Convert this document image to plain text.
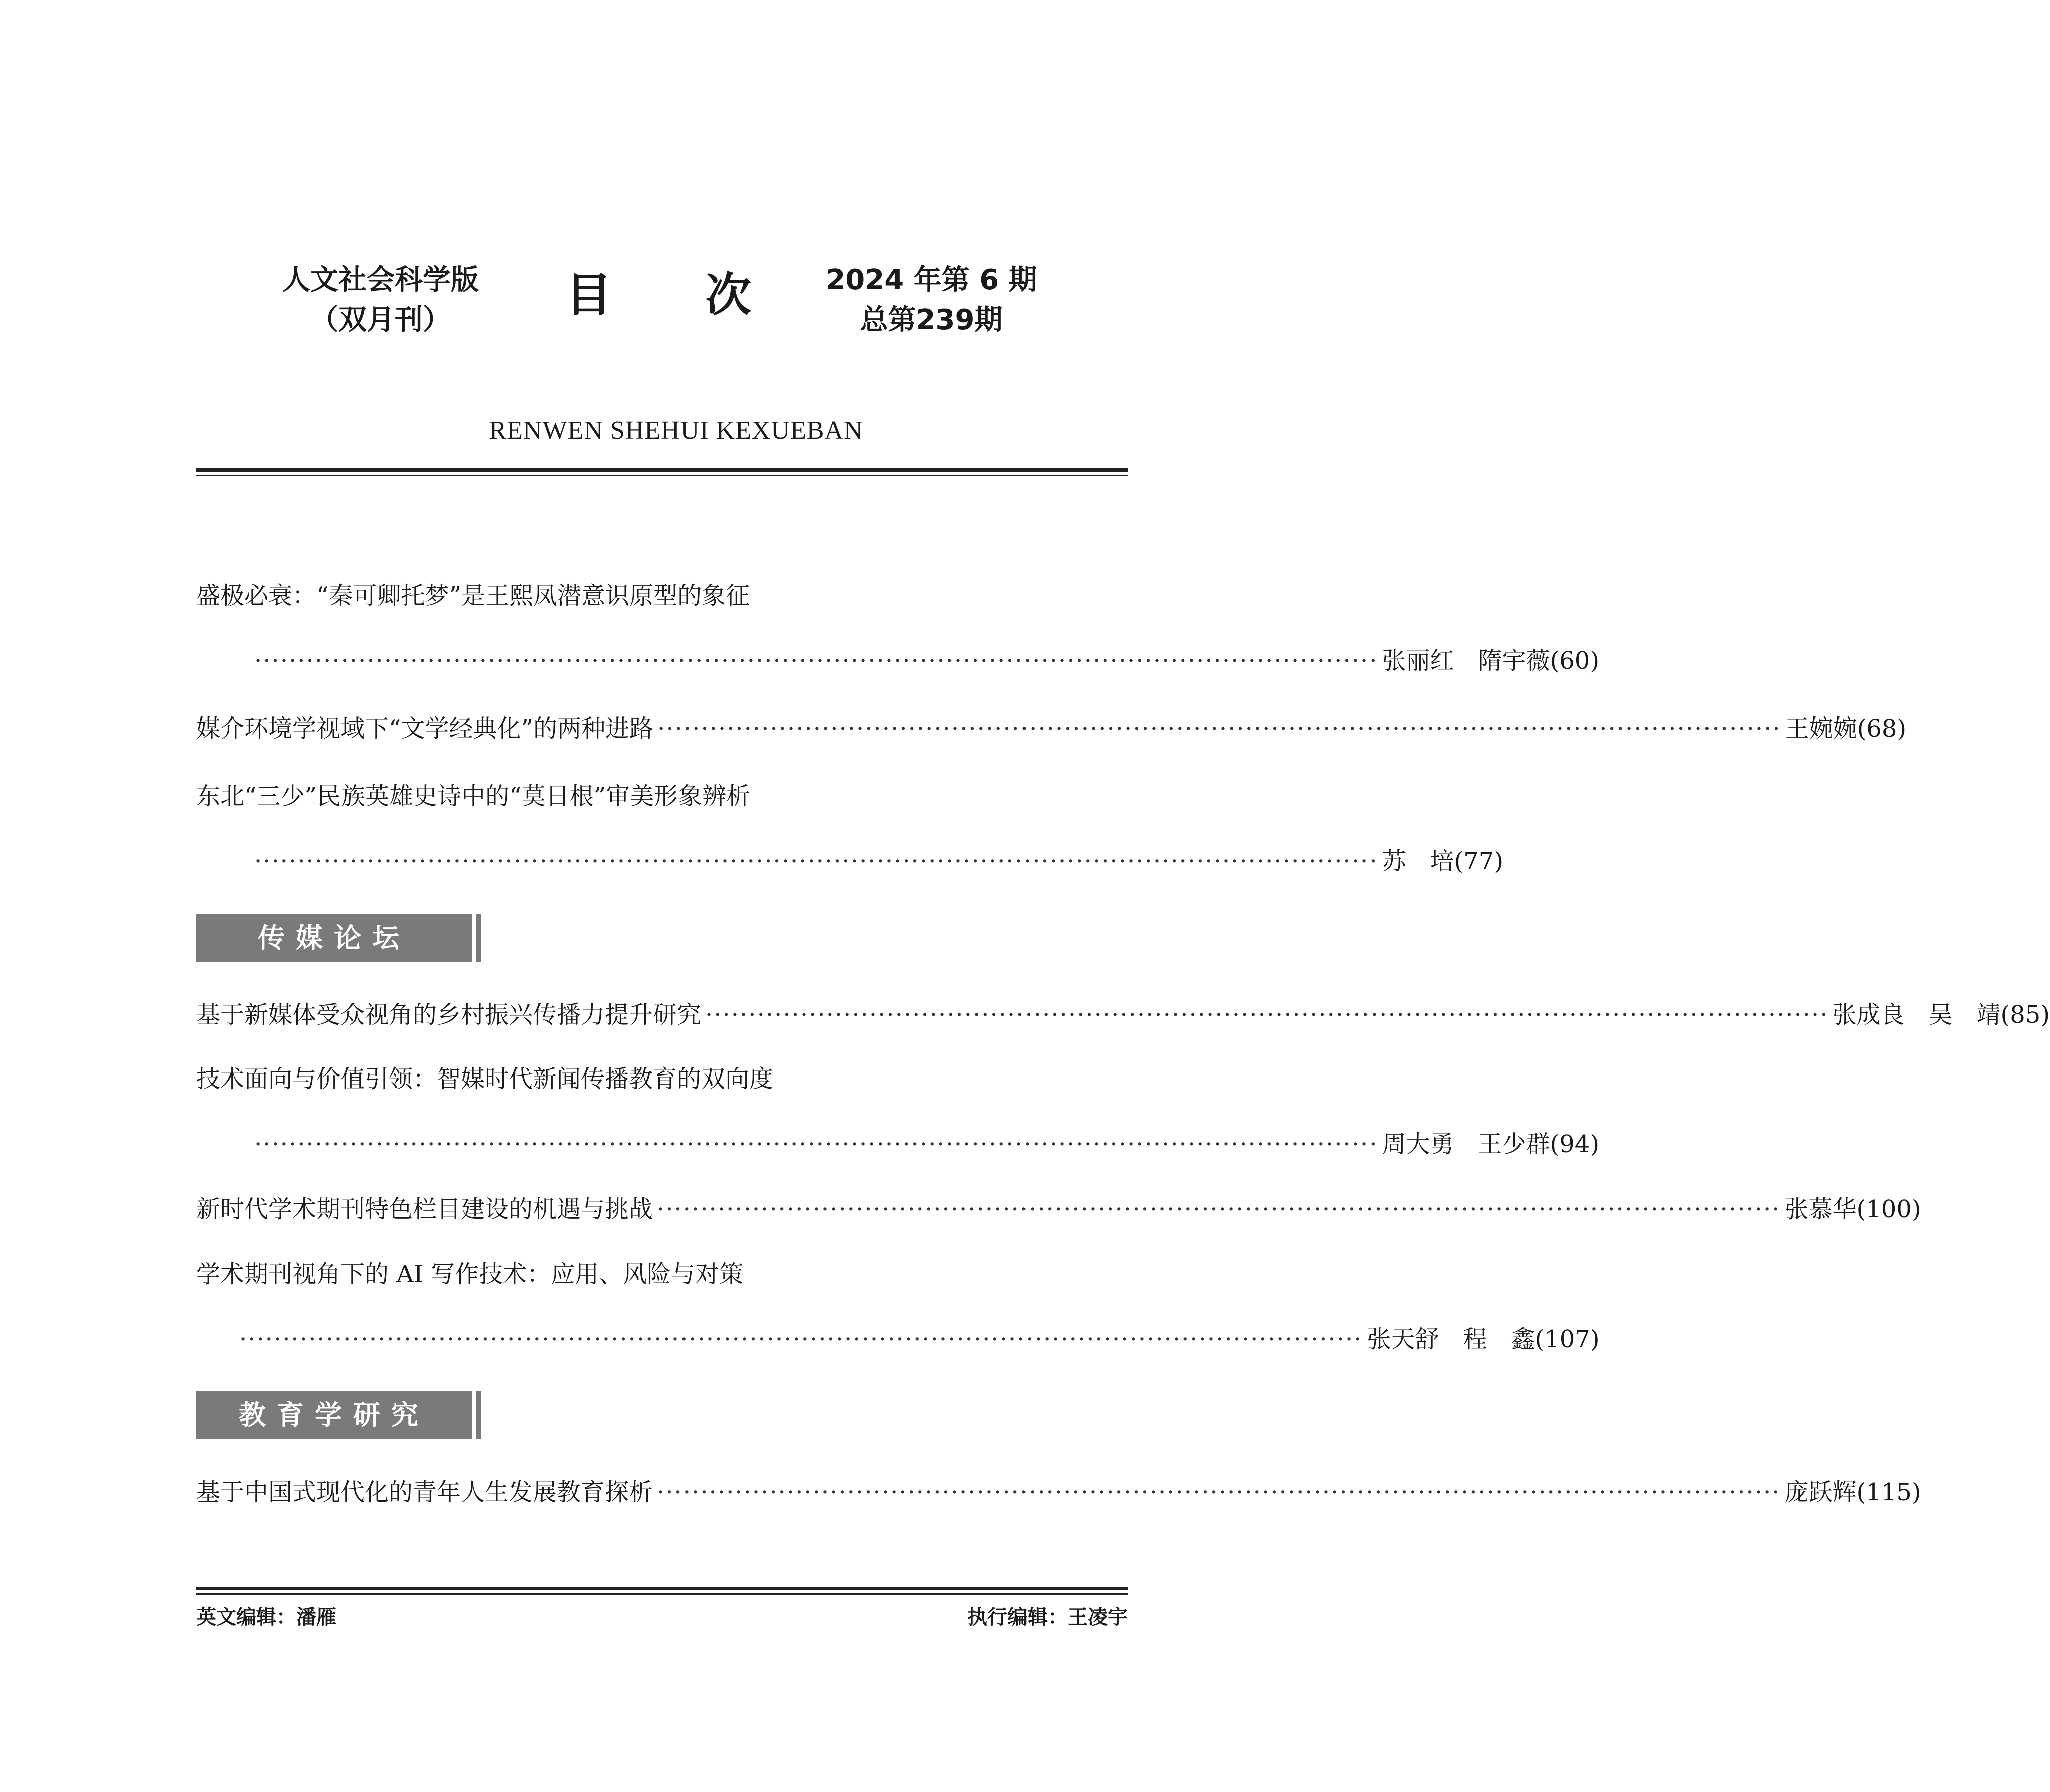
人文社会科学版
（双月刊）	目 次	2024 年第 6 期
总第239期
RENWEN SHEHUI KEXUEBAN
盛极必衰：“秦可卿托梦”是王熙凤潜意识原型的象征
·································································································································· 张丽红　隋宇薇(60)
媒介环境学视域下“文学经典化”的两种进路 ·································································································································· 王婉婉(68)
东北“三少”民族英雄史诗中的“莫日根”审美形象辨析
·································································································································· 苏　培(77)
传媒论坛
基于新媒体受众视角的乡村振兴传播力提升研究 ·································································································································· 张成良　吴　靖(85)
技术面向与价值引领：智媒时代新闻传播教育的双向度
·································································································································· 周大勇　王少群(94)
新时代学术期刊特色栏目建设的机遇与挑战 ·································································································································· 张慕华(100)
学术期刊视角下的 AI 写作技术：应用、风险与对策
·································································································································· 张天舒　程　鑫(107)
教育学研究
基于中国式现代化的青年人生发展教育探析 ·································································································································· 庞跃辉(115)
英文编辑：潘雁	执行编辑：王凌宇
